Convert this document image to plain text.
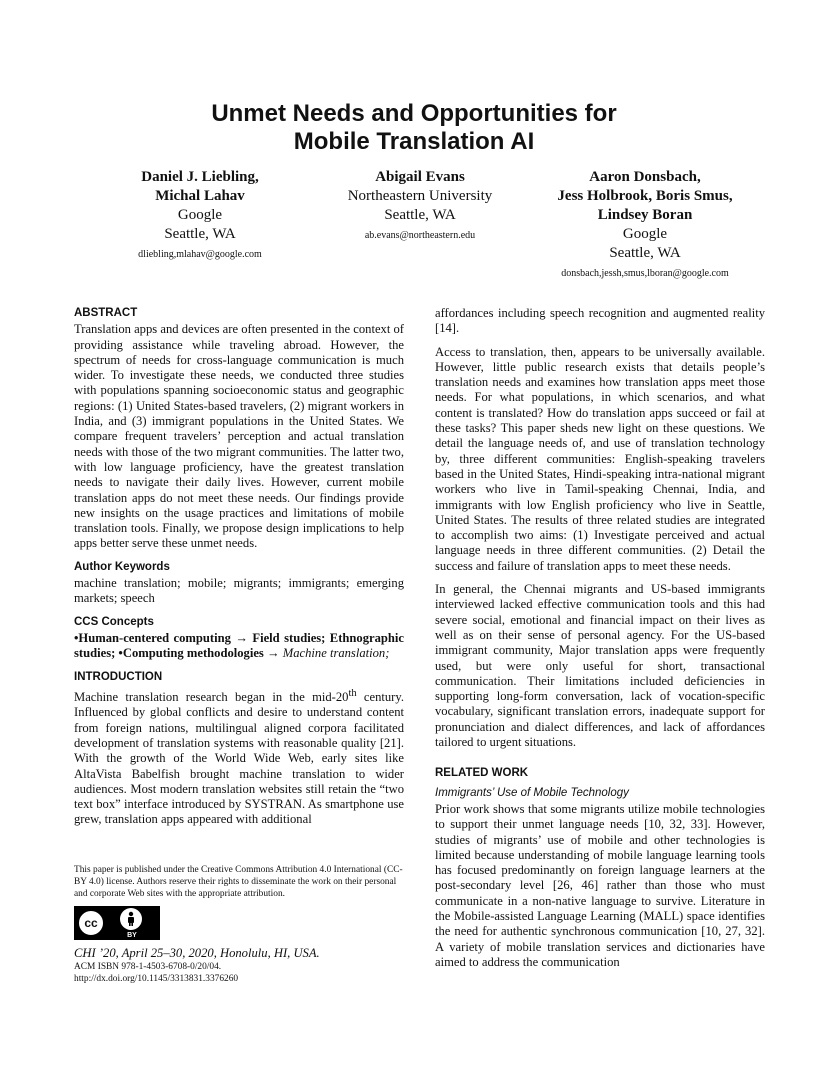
Unmet Needs and Opportunities for
Mobile Translation AI
Daniel J. Liebling,
Michal Lahav
Google
Seattle, WA
dliebling,mlahav@google.com
Abigail Evans
Northeastern University
Seattle, WA
ab.evans@northeastern.edu
Aaron Donsbach,
Jess Holbrook, Boris Smus,
Lindsey Boran
Google
Seattle, WA
donsbach,jessh,smus,lboran@google.com
ABSTRACT

Translation apps and devices are often presented in the context of providing assistance while traveling abroad. However, the spectrum of needs for cross-language communication is much wider. To investigate these needs, we conducted three studies with populations spanning socioeconomic status and geographic regions: (1) United States-based travelers, (2) migrant workers in India, and (3) immigrant populations in the United States. We compare frequent travelers’ perception and actual translation needs with those of the two migrant communities. The latter two, with low language proficiency, have the greatest translation needs to navigate their daily lives. However, current mobile translation apps do not meet these needs. Our findings provide new insights on the usage practices and limitations of mobile translation tools. Finally, we propose design implications to help apps better serve these unmet needs.

Author Keywords

machine translation; mobile; migrants; immigrants; emerging markets; speech

CCS Concepts

•Human-centered computing → Field studies; Ethnographic studies; •Computing methodologies → Machine translation;

INTRODUCTION

Machine translation research began in the mid-20th century. Influenced by global conflicts and desire to understand content from foreign nations, multilingual aligned corpora facilitated development of translation systems with reasonable quality [21]. With the growth of the World Wide Web, early sites like AltaVista Babelfish brought machine translation to wider audiences. Most modern translation websites still retain the “two text box” interface introduced by SYSTRAN. As smartphone use grew, translation apps appeared with additional

This paper is published under the Creative Commons Attribution 4.0 International (CC-BY 4.0) license. Authors reserve their rights to disseminate the work on their personal and corporate Web sites with the appropriate attribution.
cc
BY
CHI ’20, April 25–30, 2020, Honolulu, HI, USA.
ACM ISBN 978-1-4503-6708-0/20/04.
http://dx.doi.org/10.1145/3313831.3376260

affordances including speech recognition and augmented reality [14].

Access to translation, then, appears to be universally available. However, little public research exists that details people’s translation needs and examines how translation apps meet those needs. For what populations, in which scenarios, and what content is translated? How do translation apps succeed or fail at these tasks? This paper sheds new light on these questions. We detail the language needs of, and use of translation technology by, three different communities: English-speaking travelers based in the United States, Hindi-speaking intra-national migrant workers who live in Tamil-speaking Chennai, India, and immigrants with low English proficiency who live in Seattle, United States. The results of three related studies are integrated to accomplish two aims: (1) Investigate perceived and actual language needs in three different communities. (2) Detail the success and failure of translation apps to meet these needs.

In general, the Chennai migrants and US-based immigrants interviewed lacked effective communication tools and this had severe social, emotional and financial impact on their lives as well as on their sense of personal agency. For the US-based immigrant community, Major translation apps were frequently used, but were only useful for short, transactional communication. Their limitations included deficiencies in supporting long-form conversation, lack of vocation-specific vocabulary, significant translation errors, inadequate support for pronunciation and dialect differences, and lack of affordances tailored to urgent situations.

RELATED WORK
Immigrants’ Use of Mobile Technology

Prior work shows that some migrants utilize mobile technologies to support their unmet language needs [10, 32, 33]. However, studies of migrants’ use of mobile and other technologies is limited because understanding of mobile language learning tools has focused predominantly on foreign language learners at the post-secondary level [26, 46] rather than those who must communicate in a non-native language to survive. Literature in the Mobile-assisted Language Learning (MALL) space identifies the need for authentic synchronous communication [10, 27, 32]. A variety of mobile translation services and dictionaries have aimed to address the communication
